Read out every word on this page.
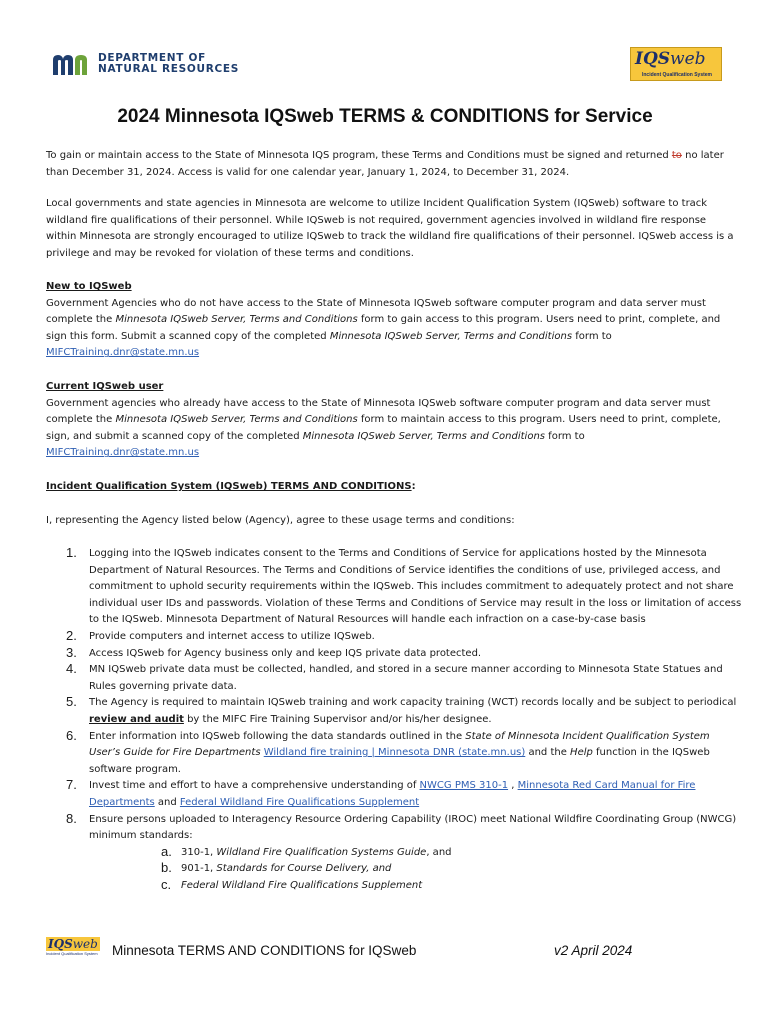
DEPARTMENT OF
NATURAL RESOURCES	IQSweb
Incident Qualification System
2024 Minnesota IQSweb TERMS & CONDITIONS for Service

To gain or maintain access to the State of Minnesota IQS program, these Terms and Conditions must be signed and returned to no later than December 31, 2024. Access is valid for one calendar year, January 1, 2024, to December 31, 2024.

Local governments and state agencies in Minnesota are welcome to utilize Incident Qualification System (IQSweb) software to track wildland fire qualifications of their personnel. While IQSweb is not required, government agencies involved in wildland fire response within Minnesota are strongly encouraged to utilize IQSweb to track the wildland fire qualifications of their personnel. IQSweb access is a privilege and may be revoked for violation of these terms and conditions.

New to IQSweb

Government Agencies who do not have access to the State of Minnesota IQSweb software computer program and data server must complete the Minnesota IQSweb Server, Terms and Conditions form to gain access to this program. Users need to print, complete, and sign this form. Submit a scanned copy of the completed Minnesota IQSweb Server, Terms and Conditions form to

MIFCTraining.dnr@state.mn.us

Current IQSweb user

Government agencies who already have access to the State of Minnesota IQSweb software computer program and data server must complete the Minnesota IQSweb Server, Terms and Conditions form to maintain access to this program. Users need to print, complete, sign, and submit a scanned copy of the completed Minnesota IQSweb Server, Terms and Conditions form to

MIFCTraining.dnr@state.mn.us

Incident Qualification System (IQSweb) TERMS AND CONDITIONS:

I, representing the Agency listed below (Agency), agree to these usage terms and conditions:

1. Logging into the IQSweb indicates consent to the Terms and Conditions of Service for applications hosted by the Minnesota Department of Natural Resources. The Terms and Conditions of Service identifies the conditions of use, privileged access, and commitment to uphold security requirements within the IQSweb. This includes commitment to adequately protect and not share individual user IDs and passwords. Violation of these Terms and Conditions of Service may result in the loss or limitation of access to the IQSweb. Minnesota Department of Natural Resources will handle each infraction on a case-by-case basis
2. Provide computers and internet access to utilize IQSweb.
3. Access IQSweb for Agency business only and keep IQS private data protected.
4. MN IQSweb private data must be collected, handled, and stored in a secure manner according to Minnesota State Statues and Rules governing private data.
5. The Agency is required to maintain IQSweb training and work capacity training (WCT) records locally and be subject to periodical review and audit by the MIFC Fire Training Supervisor and/or his/her designee.
6. Enter information into IQSweb following the data standards outlined in the State of Minnesota Incident Qualification System User’s Guide for Fire Departments Wildland fire training | Minnesota DNR (state.mn.us) and the Help function in the IQSweb software program.
7. Invest time and effort to have a comprehensive understanding of NWCG PMS 310-1 , Minnesota Red Card Manual for Fire Departments and Federal Wildland Fire Qualifications Supplement
8. Ensure persons uploaded to Interagency Resource Ordering Capability (IROC) meet National Wildfire Coordinating Group (NWCG) minimum standards:
a. 310-1, Wildland Fire Qualification Systems Guide, and
b. 901-1, Standards for Course Delivery, and
c. Federal Wildland Fire Qualifications Supplement
IQSweb
Incident Qualification System Minnesota TERMS AND CONDITIONS for IQSweb	v2 April 2024
